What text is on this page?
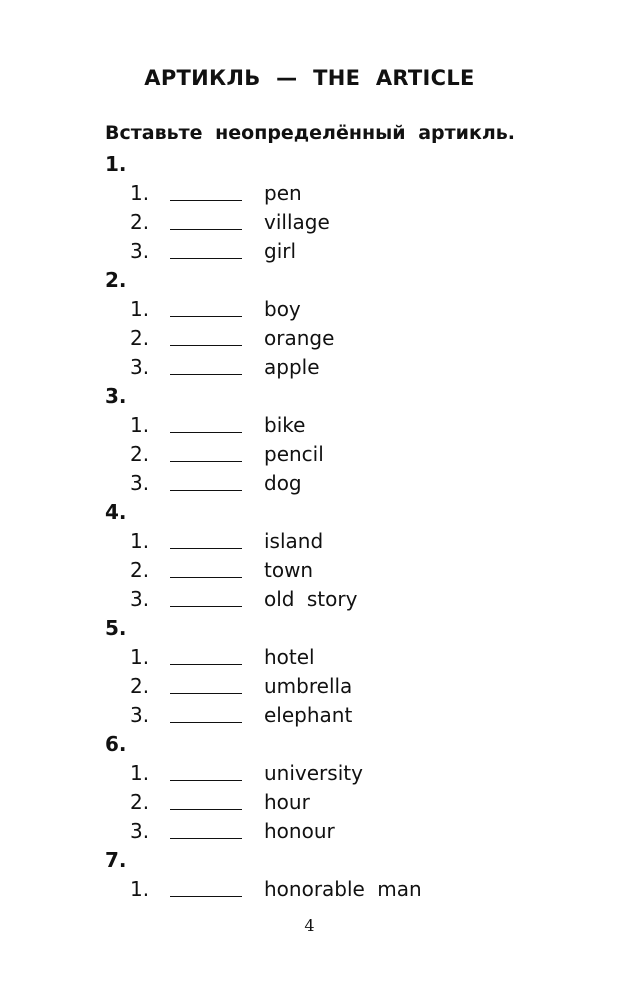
АРТИКЛЬ — THE ARTICLE
Вставьте неопределённый артикль.
1.
1.	pen
2.	village
3.	girl
2.
1.	boy
2.	orange
3.	apple
3.
1.	bike
2.	pencil
3.	dog
4.
1.	island
2.	town
3.	old story
5.
1.	hotel
2.	umbrella
3.	elephant
6.
1.	university
2.	hour
3.	honour
7.
1.	honorable man
4
